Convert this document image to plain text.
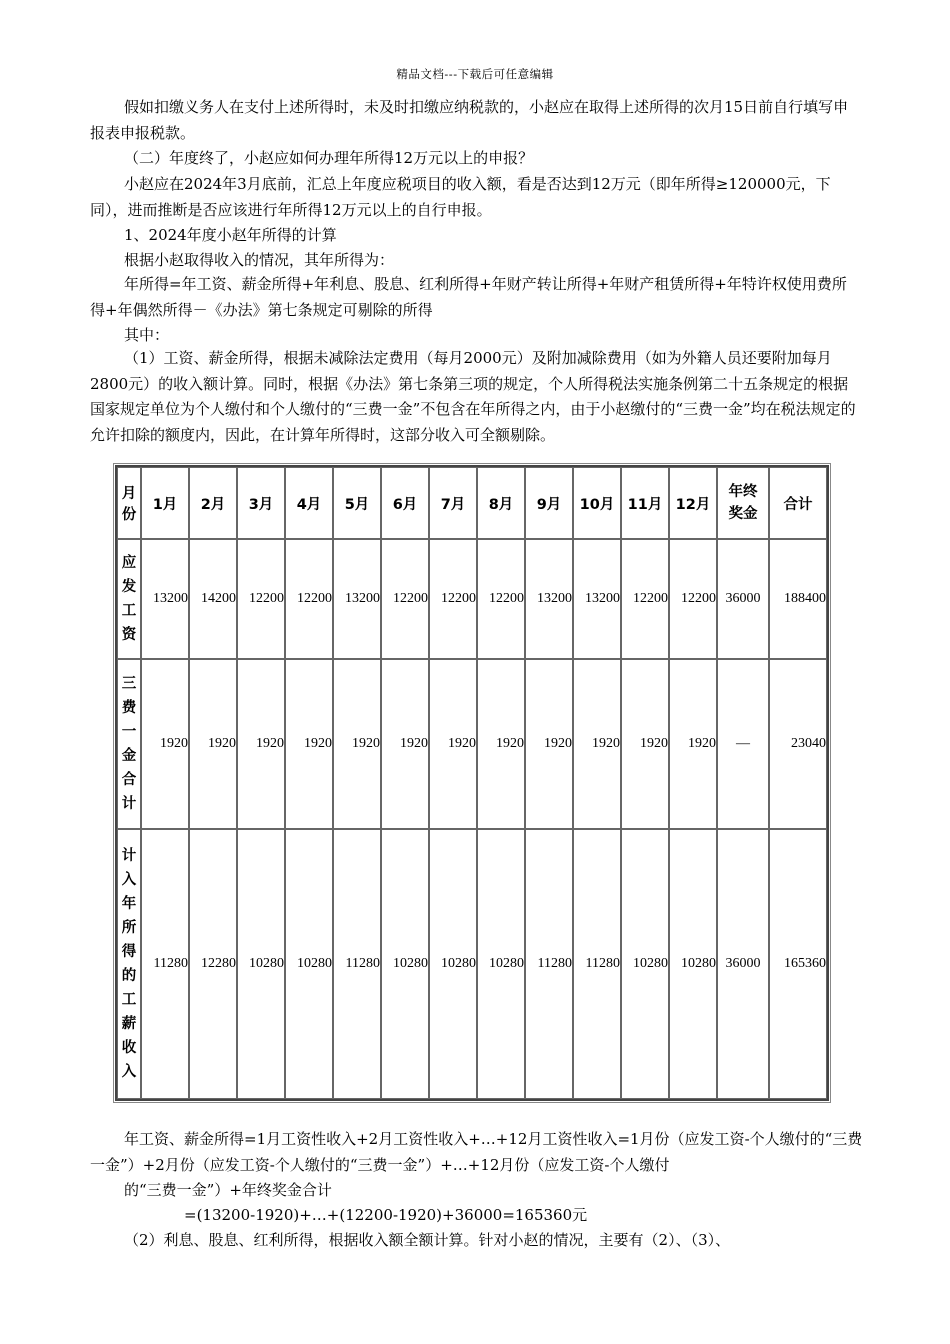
精品文档---下载后可任意编辑

假如扣缴义务人在支付上述所得时，未及时扣缴应纳税款的，小赵应在取得上述所得的次月15日前自行填写申报表申报税款。

（二）年度终了，小赵应如何办理年所得12万元以上的申报？

小赵应在2024年3月底前，汇总上年度应税项目的收入额，看是否达到12万元（即年所得≥120000元，下同），进而推断是否应该进行年所得12万元以上的自行申报。

1、2024年度小赵年所得的计算

根据小赵取得收入的情况，其年所得为：

年所得=年工资、薪金所得+年利息、股息、红利所得+年财产转让所得+年财产租赁所得+年特许权使用费所得+年偶然所得－《办法》第七条规定可剔除的所得

其中：

（1）工资、薪金所得，根据未减除法定费用（每月2000元）及附加减除费用（如为外籍人员还要附加每月2800元）的收入额计算。同时，根据《办法》第七条第三项的规定，个人所得税法实施条例第二十五条规定的根据国家规定单位为个人缴付和个人缴付的“三费一金”不包含在年所得之内，由于小赵缴付的“三费一金”均在税法规定的允许扣除的额度内，因此，在计算年所得时，这部分收入可全额剔除。

月份	1月	2月	3月	4月	5月	6月	7月	8月	9月	10月	11月	12月	年终奖金	合计
应发工资	13200	14200	12200	12200	13200	12200	12200	12200	13200	13200	12200	12200	36000	188400
三费一金合计	1920	1920	1920	1920	1920	1920	1920	1920	1920	1920	1920	1920	—	23040
计入年所得的工薪收入	11280	12280	10280	10280	11280	10280	10280	10280	11280	11280	10280	10280	36000	165360
年工资、薪金所得=1月工资性收入+2月工资性收入+…+12月工资性收入=1月份（应发工资-个人缴付的“三费一金”）+2月份（应发工资-个人缴付的“三费一金”）+…+12月份（应发工资-个人缴付
的“三费一金”）+年终奖金合计
=(13200-1920)+…+(12200-1920)+36000=165360元
（2）利息、股息、红利所得，根据收入额全额计算。针对小赵的情况，主要有（2）、（3）、
